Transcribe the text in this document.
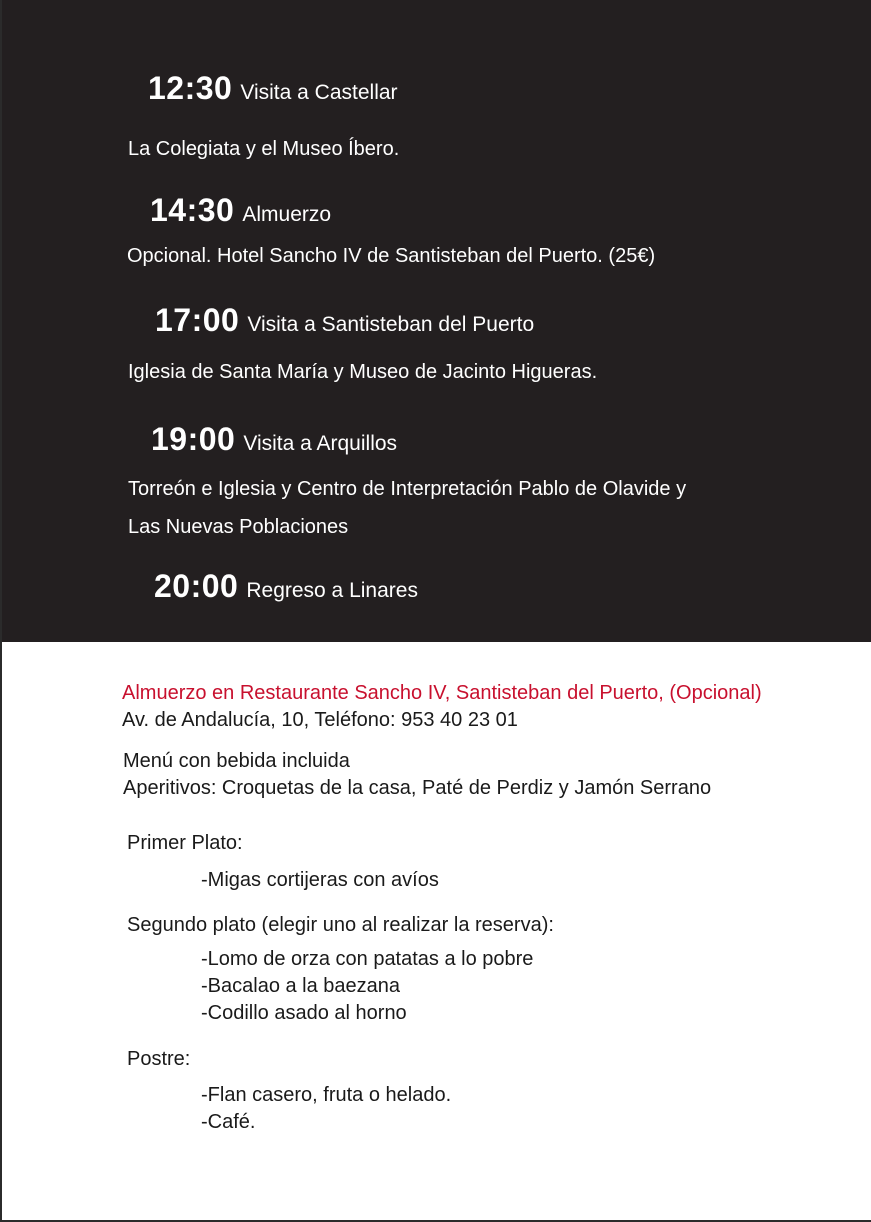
12:30 Visita a Castellar
La Colegiata y el Museo Íbero.
14:30 Almuerzo
Opcional. Hotel Sancho IV de Santisteban del Puerto. (25€)
17:00 Visita a Santisteban del Puerto
Iglesia de Santa María y Museo de Jacinto Higueras.
19:00 Visita a Arquillos
Torreón e Iglesia y Centro de Interpretación Pablo de Olavide y
Las Nuevas Poblaciones
20:00 Regreso a Linares
Almuerzo en Restaurante Sancho IV, Santisteban del Puerto, (Opcional)
Av. de Andalucía, 10, Teléfono: 953 40 23 01
Menú con bebida incluida
Aperitivos: Croquetas de la casa, Paté de Perdiz y Jamón Serrano
Primer Plato:
-Migas cortijeras con avíos
Segundo plato (elegir uno al realizar la reserva):
-Lomo de orza con patatas a lo pobre
-Bacalao a la baezana
-Codillo asado al horno
Postre:
-Flan casero, fruta o helado.
-Café.
